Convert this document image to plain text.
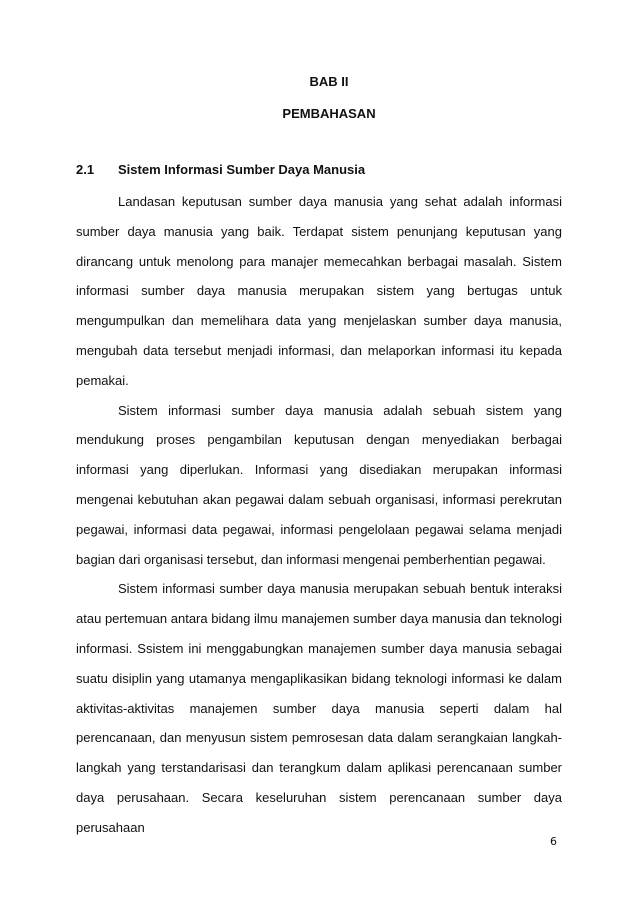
BAB II

PEMBAHASAN

2.1 Sistem Informasi Sumber Daya Manusia

Landasan keputusan sumber daya manusia yang sehat adalah informasi sumber daya manusia yang baik. Terdapat sistem penunjang keputusan yang dirancang untuk menolong para manajer memecahkan berbagai masalah. Sistem informasi sumber daya manusia merupakan sistem yang bertugas untuk mengumpulkan dan memelihara data yang menjelaskan sumber daya manusia, mengubah data tersebut menjadi informasi, dan melaporkan informasi itu kepada pemakai.

Sistem informasi sumber daya manusia adalah sebuah sistem yang mendukung proses pengambilan keputusan dengan menyediakan berbagai informasi yang diperlukan. Informasi yang disediakan merupakan informasi mengenai kebutuhan akan pegawai dalam sebuah organisasi, informasi perekrutan pegawai, informasi data pegawai, informasi pengelolaan pegawai selama menjadi bagian dari organisasi tersebut, dan informasi mengenai pemberhentian pegawai.

Sistem informasi sumber daya manusia merupakan sebuah bentuk interaksi atau pertemuan antara bidang ilmu manajemen sumber daya manusia dan teknologi informasi. Ssistem ini menggabungkan manajemen sumber daya manusia sebagai suatu disiplin yang utamanya mengaplikasikan bidang teknologi informasi ke dalam aktivitas-aktivitas manajemen sumber daya manusia seperti dalam hal perencanaan, dan menyusun sistem pemrosesan data dalam serangkaian langkah-langkah yang terstandarisasi dan terangkum dalam aplikasi perencanaan sumber daya perusahaan. Secara keseluruhan sistem perencanaan sumber daya perusahaan

6
